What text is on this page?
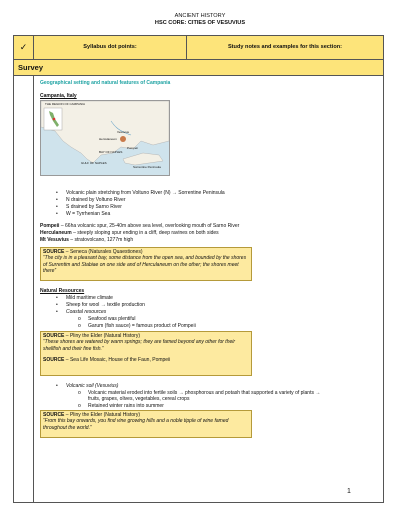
ANCIENT HISTORY
HSC CORE: CITIES OF VESUVIUS
✓	Syllabus dot points:	Study notes and examples for this section:
Survey
Geographical setting and natural features of Campania
Campania, Italy
THE REGION OF CAMPANIA
Vesuvius
Herculaneum
Pompeii
GULF OF NAPLES
BAY OF NAPLES
Sorrentine Peninsula
• Volcanic plain stretching from Voltuno River (N) → Sorrentine Peninsula
• N drained by Voltuno River
• S drained by Sarno River
• W = Tyrrhenian Sea
Pompeii – 66ha volcanic spur, 25-40m above sea level, overlooking mouth of Sarno River
Herculaneum – steeply sloping spur ending in a cliff, deep ravines on both sides
Mt Vesuvius – stratovolcano, 1277m high
SOURCE – Seneca (Naturales Quaestiones)
“The city is in a pleasant bay, some distance from the open sea, and bounded by the shores of Surrentim and Stabiae on one side and of Herculaneum on the other; the shores meet there”
Natural Resources
• Mild maritime climate
• Sheep for wool → textile production
• Coastal resources
o Seafood was plentiful
o Garum (fish sauce) = famous product of Pompeii
SOURCE – Pliny the Elder (Natural History)
“These shores are watered by warm springs; they are famed beyond any other for their shellfish and their fine fish.”
SOURCE – Sea Life Mosaic, House of the Faun, Pompeii
• Volcanic soil (Vesuvius)
o Volcanic material eroded into fertile soils → phosphorous and potash that supported a variety of plants →
fruits, grapes, olives, vegetables, cereal crops
o Retained winter rains into summer
SOURCE – Pliny the Elder (Natural History)
“From this bay onwards, you find vine growing hills and a noble tipple of wine famed throughout the world.”
1
